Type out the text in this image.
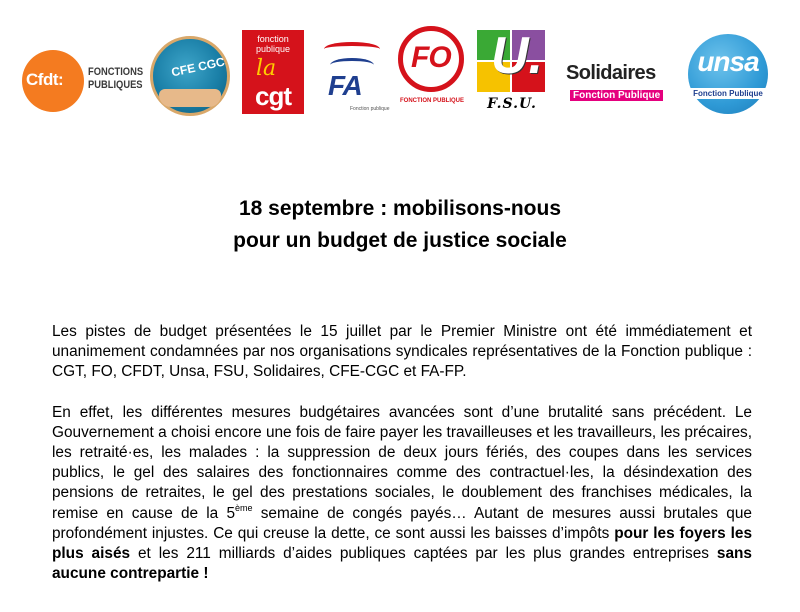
Cfdt: FONCTIONS
PUBLIQUES
CFE CGC
fonction
publique
la
cgt	FA
Fonction publique
FO
FONCTION PUBLIQUE
U.
F.S.U.
Solidaires
Fonction Publique
unsa
Fonction Publique
18 septembre : mobilisons-nous
pour un budget de justice sociale

Les pistes de budget présentées le 15 juillet par le Premier Ministre ont été immédiatement et unanimement condamnées par nos organisations syndicales représentatives de la Fonction publique : CGT, FO, CFDT, Unsa, FSU, Solidaires, CFE-CGC et FA-FP.

En effet, les différentes mesures budgétaires avancées sont d’une brutalité sans précédent. Le Gouvernement a choisi encore une fois de faire payer les travailleuses et les travailleurs, les précaires, les retraité·es, les malades : la suppression de deux jours fériés, des coupes dans les services publics, le gel des salaires des fonctionnaires comme des contractuel·les, la désindexation des pensions de retraites, le gel des prestations sociales, le doublement des franchises médicales, la remise en cause de la 5ème semaine de congés payés… Autant de mesures aussi brutales que profondément injustes. Ce qui creuse la dette, ce sont aussi les baisses d’impôts pour les foyers les plus aisés et les 211 milliards d’aides publiques captées par les plus grandes entreprises sans aucune contrepartie !
